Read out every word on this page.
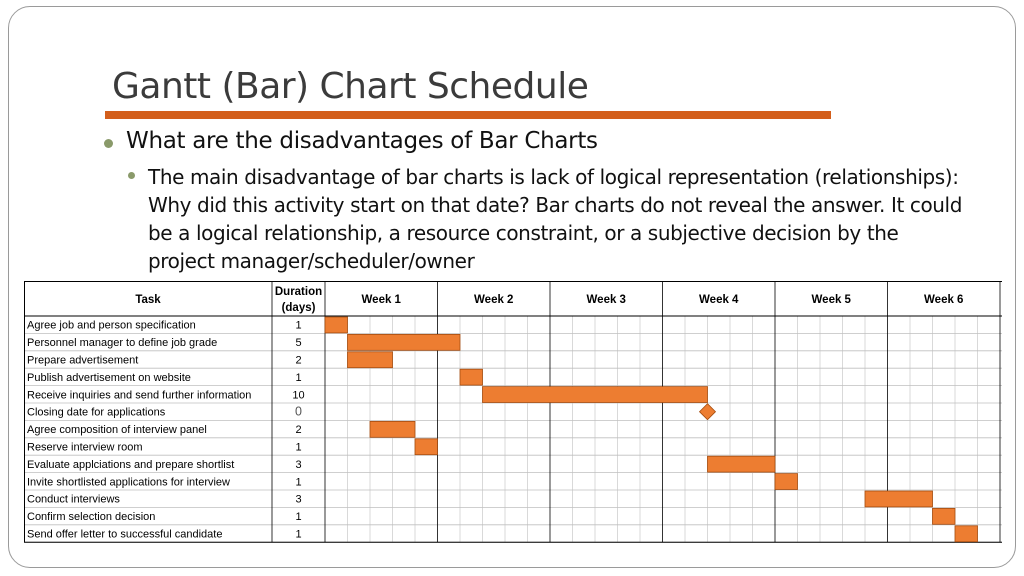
Gantt (Bar) Chart Schedule
What are the disadvantages of Bar Charts
The main disadvantage of bar charts is lack of logical representation (relationships): Why did this activity start on that date? Bar charts do not reveal the answer. It could be a logical relationship, a resource constraint, or a subjective decision by the project manager/scheduler/owner
Task
Duration
(days)
Week 1	Week 2	Week 3	Week 4	Week 5	Week 6
Agree job and person specification	1
Personnel manager to define job grade	5
Prepare advertisement	2
Publish advertisement on website	1
Receive inquiries and send further information	10
Closing date for applications	0
Agree composition of interview panel	2
Reserve interview room	1
Evaluate applciations and prepare shortlist	3
Invite shortlisted applications for interview	1
Conduct interviews	3
Confirm selection decision	1
Send offer letter to successful candidate	1
